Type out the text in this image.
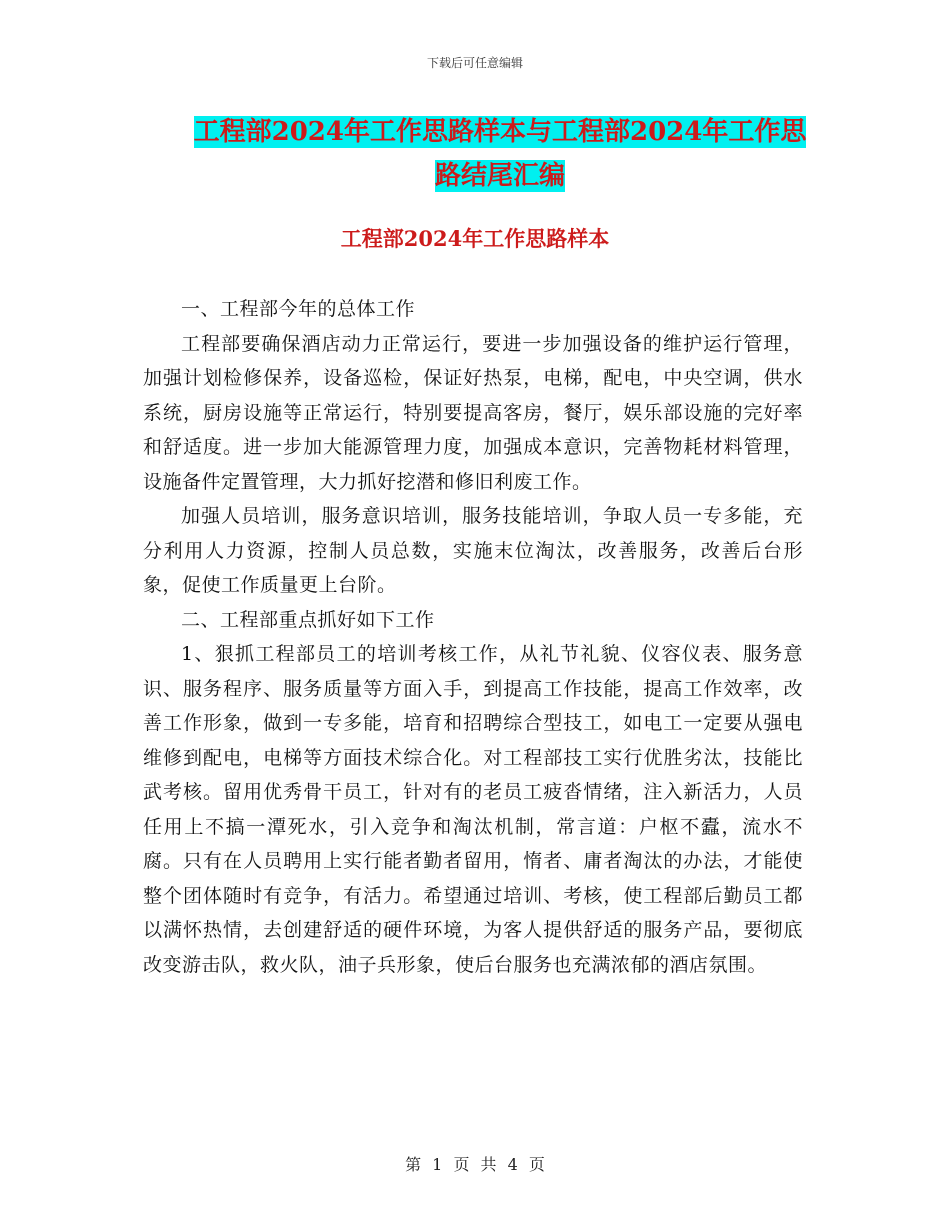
下载后可任意编辑
工程部2024年工作思路样本与工程部2024年工作思
路结尾汇编
工程部2024年工作思路样本

一、工程部今年的总体工作

工程部要确保酒店动力正常运行，要进一步加强设备的维护运行管理，加强计划检修保养，设备巡检，保证好热泵，电梯，配电，中央空调，供水系统，厨房设施等正常运行，特别要提高客房，餐厅，娱乐部设施的完好率和舒适度。进一步加大能源管理力度，加强成本意识，完善物耗材料管理，设施备件定置管理，大力抓好挖潜和修旧利废工作。

加强人员培训，服务意识培训，服务技能培训，争取人员一专多能，充分利用人力资源，控制人员总数，实施末位淘汰，改善服务，改善后台形象，促使工作质量更上台阶。

二、工程部重点抓好如下工作

1、狠抓工程部员工的培训考核工作，从礼节礼貌、仪容仪表、服务意识、服务程序、服务质量等方面入手，到提高工作技能，提高工作效率，改善工作形象，做到一专多能，培育和招聘综合型技工，如电工一定要从强电维修到配电，电梯等方面技术综合化。对工程部技工实行优胜劣汰，技能比武考核。留用优秀骨干员工，针对有的老员工疲沓情绪，注入新活力，人员任用上不搞一潭死水，引入竞争和淘汰机制，常言道：户枢不蠹，流水不腐。只有在人员聘用上实行能者勤者留用，惰者、庸者淘汰的办法，才能使整个团体随时有竞争，有活力。希望通过培训、考核，使工程部后勤员工都以满怀热情，去创建舒适的硬件环境，为客人提供舒适的服务产品，要彻底改变游击队，救火队，油子兵形象，使后台服务也充满浓郁的酒店氛围。

第 1 页 共 4 页
